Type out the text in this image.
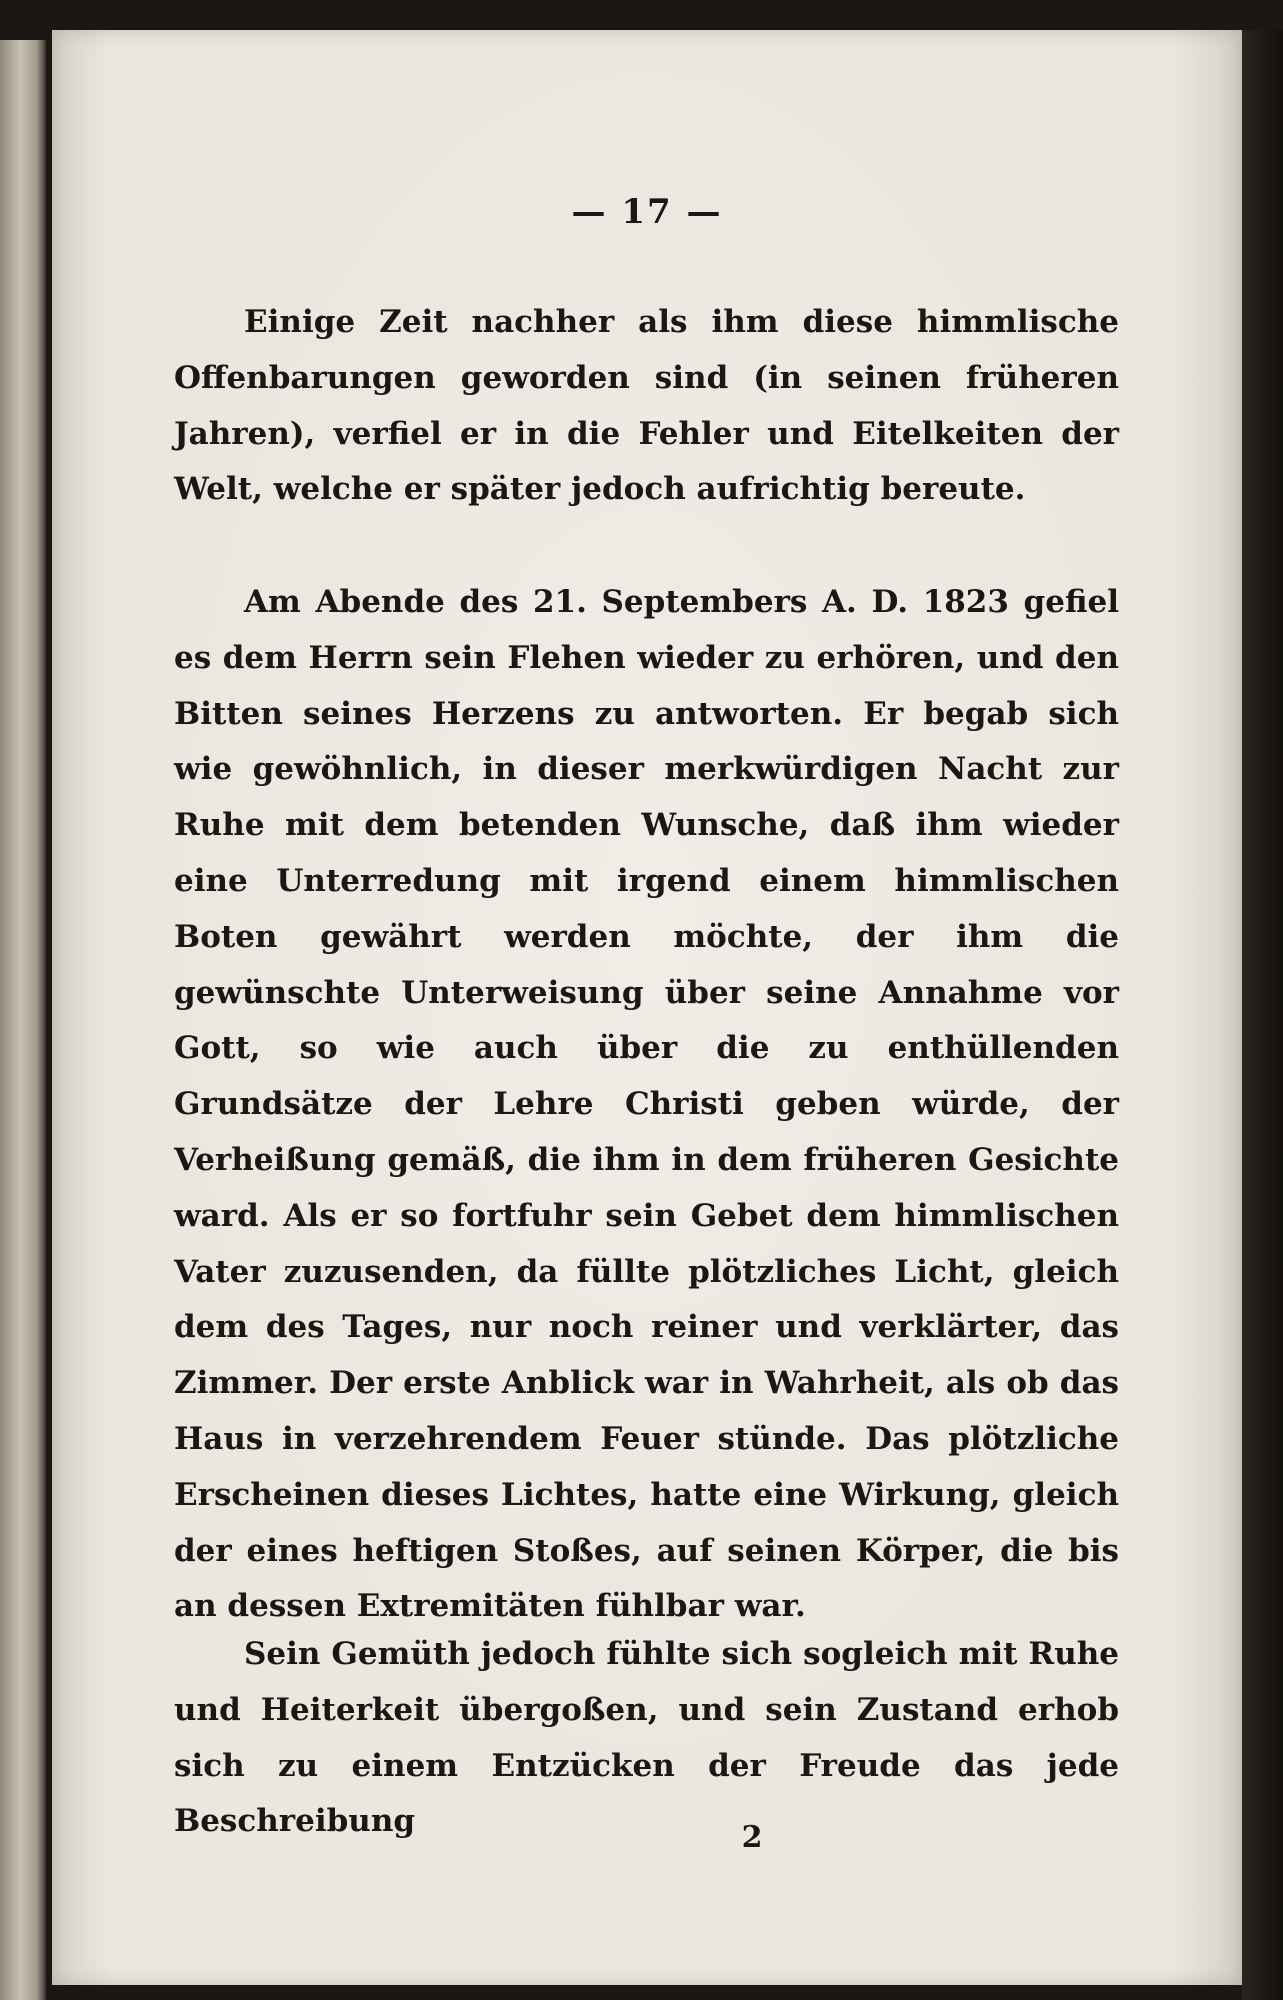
— 17 —

Einige Zeit nachher als ihm diese himmlische Offenbarungen geworden sind (in seinen früheren Jahren), verfiel er in die Fehler und Eitelkeiten der Welt, welche er später jedoch aufrichtig bereute.

Am Abende des 21. Septembers A. D. 1823 gefiel es dem Herrn sein Flehen wieder zu erhören, und den Bitten seines Herzens zu antworten. Er begab sich wie gewöhnlich, in dieser merkwürdigen Nacht zur Ruhe mit dem betenden Wunsche, daß ihm wieder eine Unterredung mit irgend einem himmlischen Boten gewährt werden möchte, der ihm die gewünschte Unterweisung über seine Annahme vor Gott, so wie auch über die zu enthüllenden Grundsätze der Lehre Christi geben würde, der Verheißung gemäß, die ihm in dem früheren Gesichte ward. Als er so fortfuhr sein Gebet dem himmlischen Vater zuzusenden, da füllte plötzliches Licht, gleich dem des Tages, nur noch reiner und verklärter, das Zimmer. Der erste Anblick war in Wahrheit, als ob das Haus in verzehrendem Feuer stünde. Das plötzliche Erscheinen dieses Lichtes, hatte eine Wirkung, gleich der eines heftigen Stoßes, auf seinen Körper, die bis an dessen Extremitäten fühlbar war.

Sein Gemüth jedoch fühlte sich sogleich mit Ruhe und Heiterkeit übergoßen, und sein Zustand erhob sich zu einem Entzücken der Freude das jede Beschreibung	2
